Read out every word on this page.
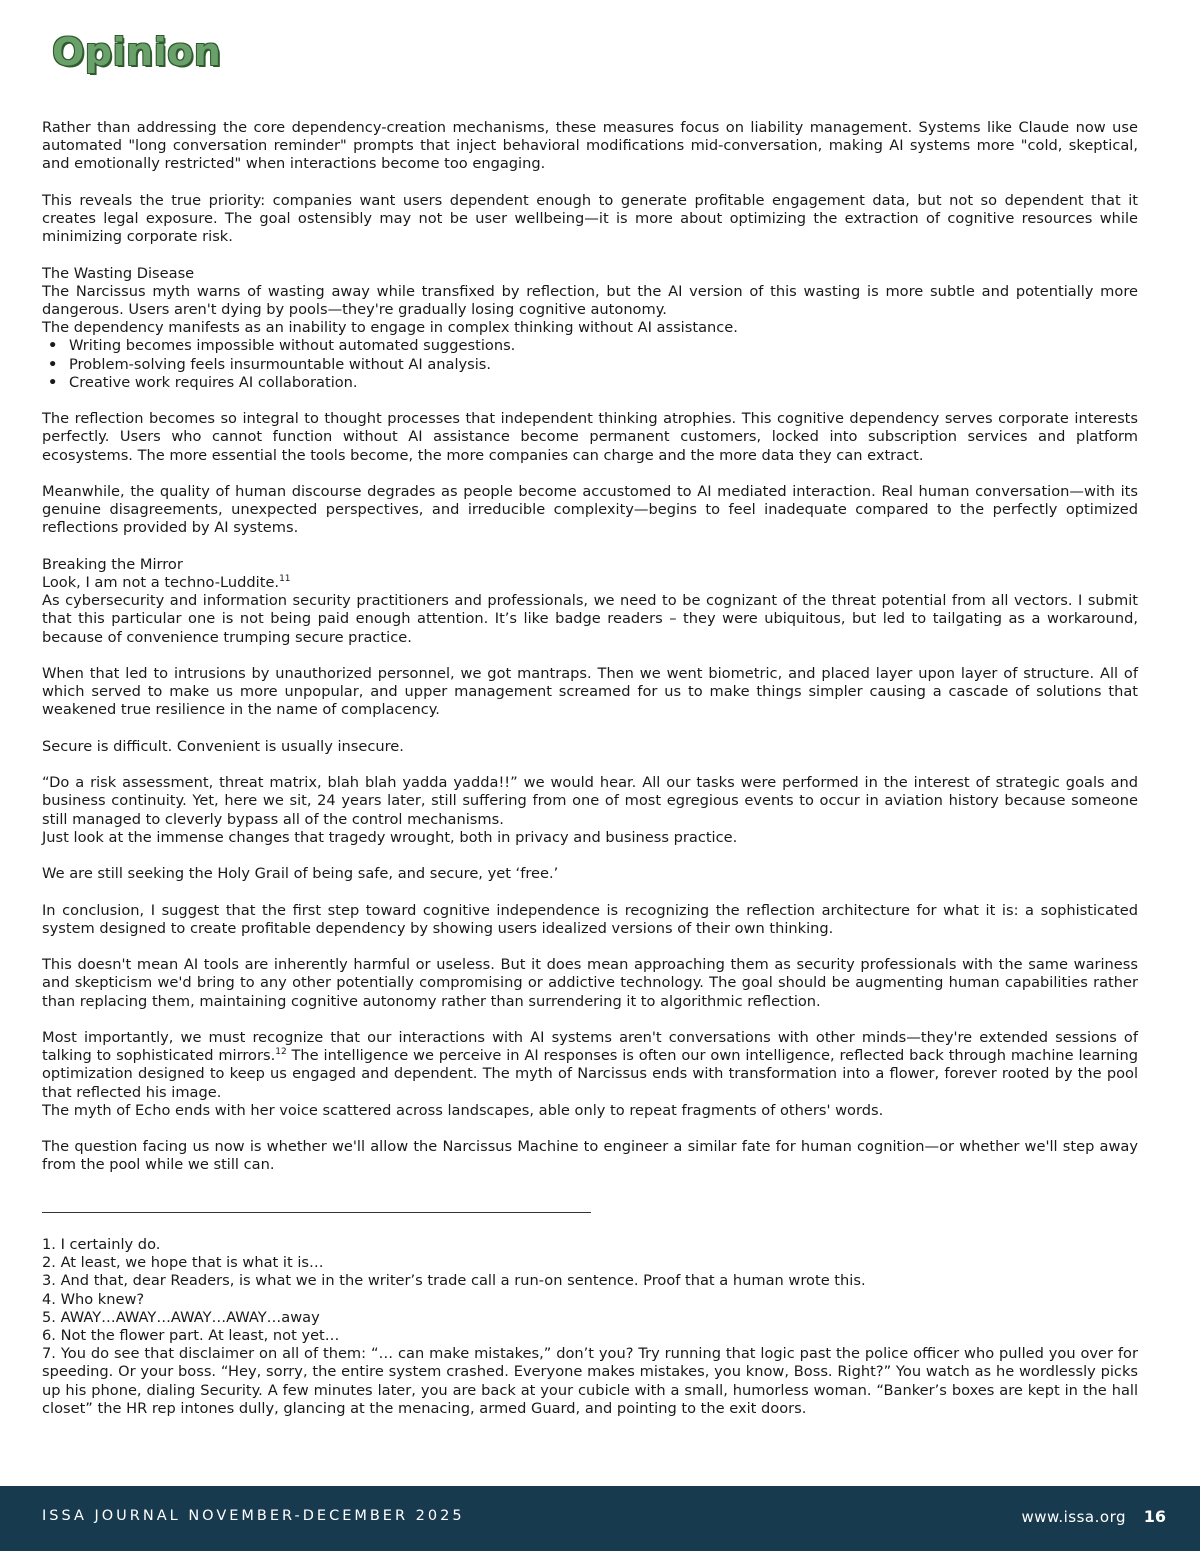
Opinion

Rather than addressing the core dependency-creation mechanisms, these measures focus on liability management. Systems like Claude now use automated "long conversation reminder" prompts that inject behavioral modifications mid-conversation, making AI systems more "cold, skeptical, and emotionally restricted" when interactions become too engaging.

This reveals the true priority: companies want users dependent enough to generate profitable engagement data, but not so dependent that it creates legal exposure. The goal ostensibly may not be user wellbeing—it is more about optimizing the extraction of cognitive resources while minimizing corporate risk.

The Wasting Disease

The Narcissus myth warns of wasting away while transfixed by reflection, but the AI version of this wasting is more subtle and potentially more dangerous. Users aren't dying by pools—they're gradually losing cognitive autonomy.

The dependency manifests as an inability to engage in complex thinking without AI assistance.

• Writing becomes impossible without automated suggestions.
• Problem-solving feels insurmountable without AI analysis.
• Creative work requires AI collaboration.

The reflection becomes so integral to thought processes that independent thinking atrophies. This cognitive dependency serves corporate interests perfectly. Users who cannot function without AI assistance become permanent customers, locked into subscription services and platform ecosystems. The more essential the tools become, the more companies can charge and the more data they can extract.

Meanwhile, the quality of human discourse degrades as people become accustomed to AI mediated interaction. Real human conversation—with its genuine disagreements, unexpected perspectives, and irreducible complexity—begins to feel inadequate compared to the perfectly optimized reflections provided by AI systems.

Breaking the Mirror

Look, I am not a techno-Luddite.$^{11}$

As cybersecurity and information security practitioners and professionals, we need to be cognizant of the threat potential from all vectors. I submit that this particular one is not being paid enough attention. It’s like badge readers – they were ubiquitous, but led to tailgating as a workaround, because of convenience trumping secure practice.

When that led to intrusions by unauthorized personnel, we got mantraps. Then we went biometric, and placed layer upon layer of structure. All of which served to make us more unpopular, and upper management screamed for us to make things simpler causing a cascade of solutions that weakened true resilience in the name of complacency.

Secure is difficult. Convenient is usually insecure.

“Do a risk assessment, threat matrix, blah blah yadda yadda!!” we would hear. All our tasks were performed in the interest of strategic goals and business continuity. Yet, here we sit, 24 years later, still suffering from one of most egregious events to occur in aviation history because someone still managed to cleverly bypass all of the control mechanisms.

Just look at the immense changes that tragedy wrought, both in privacy and business practice.

We are still seeking the Holy Grail of being safe, and secure, yet ‘free.’

In conclusion, I suggest that the first step toward cognitive independence is recognizing the reflection architecture for what it is: a sophisticated system designed to create profitable dependency by showing users idealized versions of their own thinking.

This doesn't mean AI tools are inherently harmful or useless. But it does mean approaching them as security professionals with the same wariness and skepticism we'd bring to any other potentially compromising or addictive technology. The goal should be augmenting human capabilities rather than replacing them, maintaining cognitive autonomy rather than surrendering it to algorithmic reflection.

Most importantly, we must recognize that our interactions with AI systems aren't conversations with other minds—they're extended sessions of talking to sophisticated mirrors.$^{12}$ The intelligence we perceive in AI responses is often our own intelligence, reflected back through machine learning optimization designed to keep us engaged and dependent. The myth of Narcissus ends with transformation into a flower, forever rooted by the pool that reflected his image.

The myth of Echo ends with her voice scattered across landscapes, able only to repeat fragments of others' words.

The question facing us now is whether we'll allow the Narcissus Machine to engineer a similar fate for human cognition—or whether we'll step away from the pool while we still can.

1. I certainly do.

2. At least, we hope that is what it is…

3. And that, dear Readers, is what we in the writer’s trade call a run-on sentence. Proof that a human wrote this.

4. Who knew?

5. AWAY…AWAY…AWAY…AWAY…away

6. Not the flower part. At least, not yet…

7. You do see that disclaimer on all of them: “… can make mistakes,” don’t you? Try running that logic past the police officer who pulled you over for speeding. Or your boss. “Hey, sorry, the entire system crashed. Everyone makes mistakes, you know, Boss. Right?” You watch as he wordlessly picks up his phone, dialing Security. A few minutes later, you are back at your cubicle with a small, humorless woman. “Banker’s boxes are kept in the hall closet” the HR rep intones dully, glancing at the menacing, armed Guard, and pointing to the exit doors.

ISSA JOURNAL NOVEMBER-DECEMBER 2025	www.issa.org 16
